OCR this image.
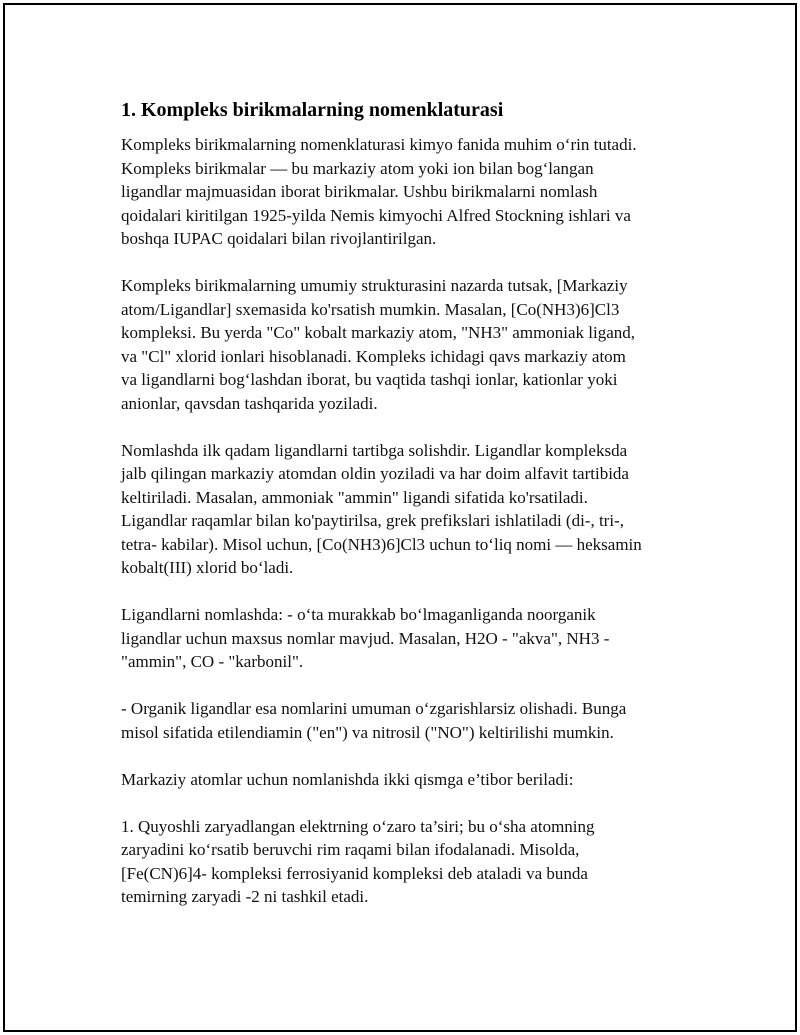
1. Kompleks birikmalarning nomenklaturasi

Kompleks birikmalarning nomenklaturasi kimyo fanida muhim o‘rin tutadi.
Kompleks birikmalar — bu markaziy atom yoki ion bilan bog‘langan
ligandlar majmuasidan iborat birikmalar. Ushbu birikmalarni nomlash
qoidalari kiritilgan 1925-yilda Nemis kimyochi Alfred Stockning ishlari va
boshqa IUPAC qoidalari bilan rivojlantirilgan.

Kompleks birikmalarning umumiy strukturasini nazarda tutsak, [Markaziy
atom/Ligandlar] sxemasida ko'rsatish mumkin. Masalan, [Co(NH3)6]Cl3
kompleksi. Bu yerda "Co" kobalt markaziy atom, "NH3" ammoniak ligand,
va "Cl" xlorid ionlari hisoblanadi. Kompleks ichidagi qavs markaziy atom
va ligandlarni bog‘lashdan iborat, bu vaqtida tashqi ionlar, kationlar yoki
anionlar, qavsdan tashqarida yoziladi.

Nomlashda ilk qadam ligandlarni tartibga solishdir. Ligandlar kompleksda
jalb qilingan markaziy atomdan oldin yoziladi va har doim alfavit tartibida
keltiriladi. Masalan, ammoniak "ammin" ligandi sifatida ko'rsatiladi.
Ligandlar raqamlar bilan ko'paytirilsa, grek prefikslari ishlatiladi (di-, tri-,
tetra- kabilar). Misol uchun, [Co(NH3)6]Cl3 uchun to‘liq nomi — heksamin
kobalt(III) xlorid bo‘ladi.

Ligandlarni nomlashda: - o‘ta murakkab bo‘lmaganliganda noorganik
ligandlar uchun maxsus nomlar mavjud. Masalan, H2O - "akva", NH3 -
"ammin", CO - "karbonil".

- Organik ligandlar esa nomlarini umuman o‘zgarishlarsiz olishadi. Bunga
misol sifatida etilendiamin ("en") va nitrosil ("NO") keltirilishi mumkin.

Markaziy atomlar uchun nomlanishda ikki qismga e’tibor beriladi:

1. Quyoshli zaryadlangan elektrning o‘zaro ta’siri; bu o‘sha atomning
zaryadini ko‘rsatib beruvchi rim raqami bilan ifodalanadi. Misolda,
[Fe(CN)6]4- kompleksi ferrosiyanid kompleksi deb ataladi va bunda
temirning zaryadi -2 ni tashkil etadi.
